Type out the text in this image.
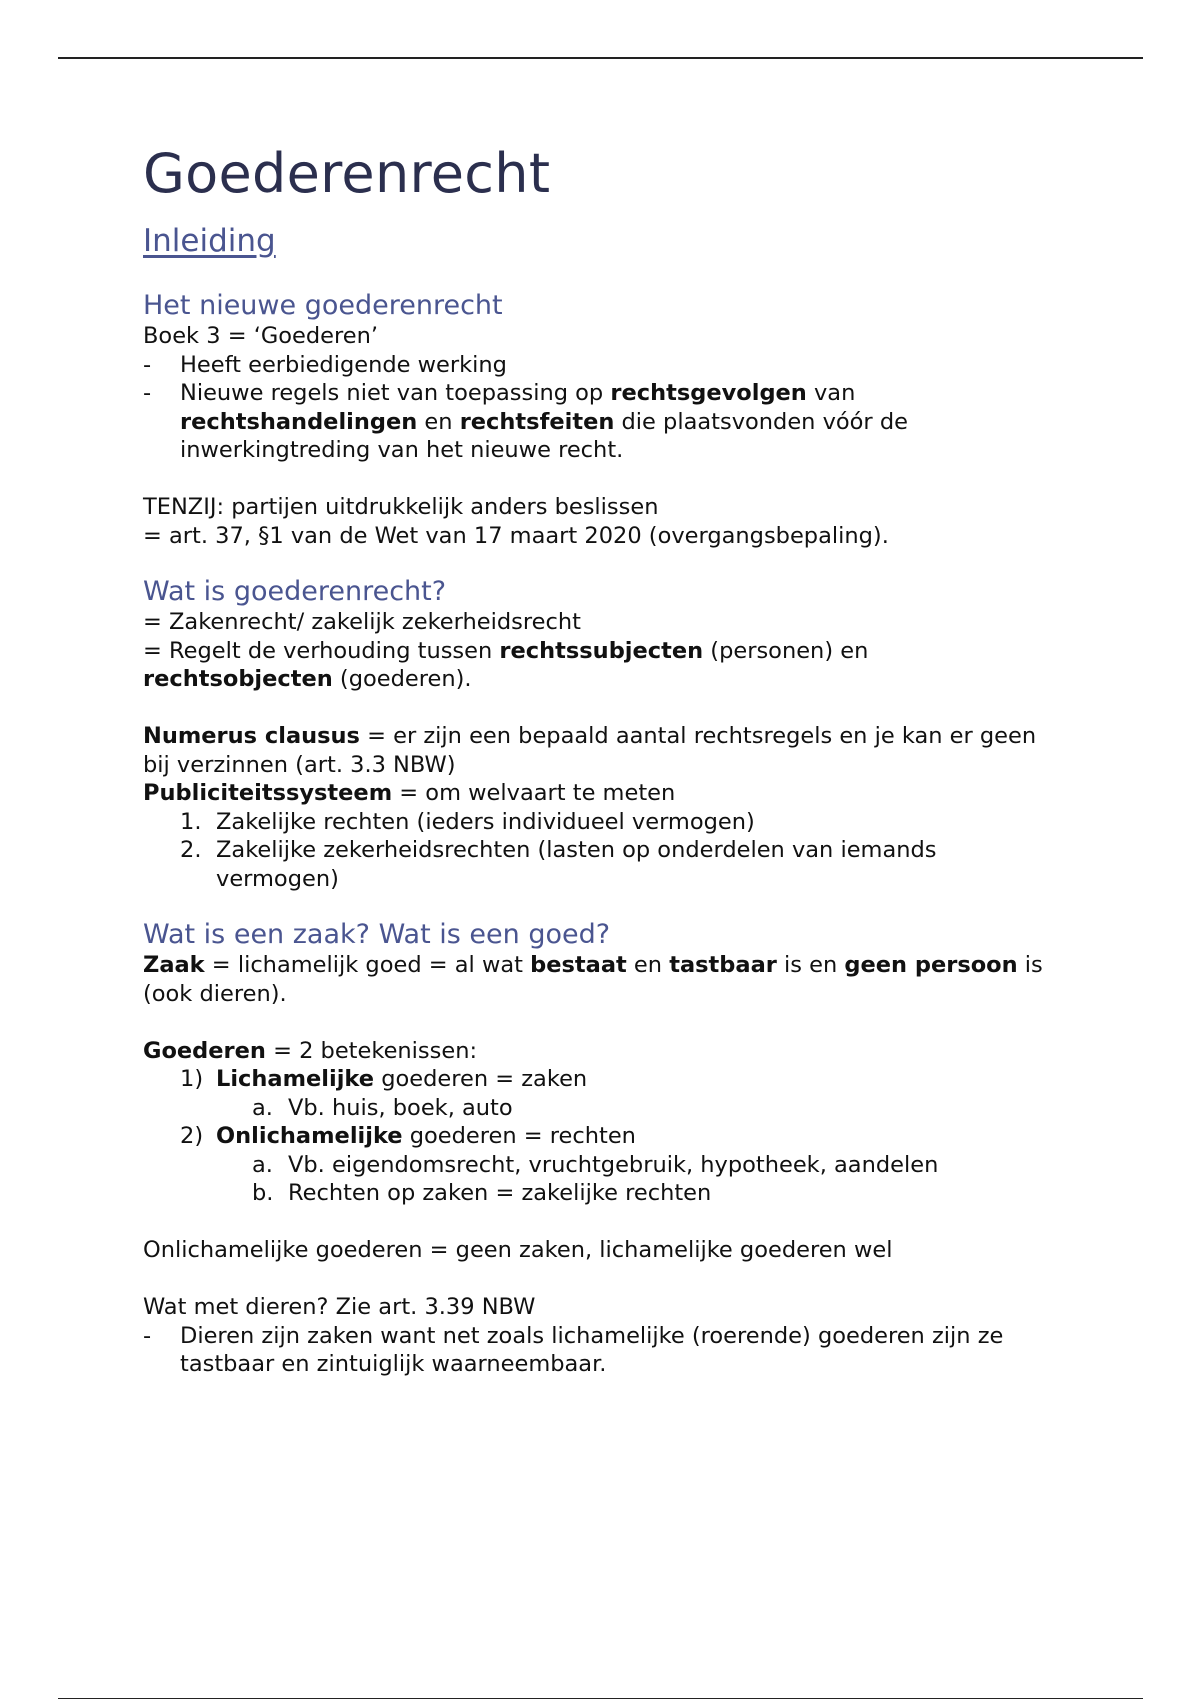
Goederenrecht
Inleiding
Het nieuwe goederenrecht

Boek 3 = ‘Goederen’

- Heeft eerbiedigende werking
- Nieuwe regels niet van toepassing op rechtsgevolgen van rechtshandelingen en rechtsfeiten die plaatsvonden vóór de inwerkingtreding van het nieuwe recht.

TENZIJ: partijen uitdrukkelijk anders beslissen

= art. 37, §1 van de Wet van 17 maart 2020 (overgangsbepaling).

Wat is goederenrecht?

= Zakenrecht/ zakelijk zekerheidsrecht

= Regelt de verhouding tussen rechtssubjecten (personen) en rechtsobjecten (goederen).

Numerus clausus = er zijn een bepaald aantal rechtsregels en je kan er geen bij verzinnen (art. 3.3 NBW)

Publiciteitssysteem = om welvaart te meten

1. Zakelijke rechten (ieders individueel vermogen)
2. Zakelijke zekerheidsrechten (lasten op onderdelen van iemands vermogen)
Wat is een zaak? Wat is een goed?

Zaak = lichamelijk goed = al wat bestaat en tastbaar is en geen persoon is (ook dieren).

Goederen = 2 betekenissen:

1) Lichamelijke goederen = zaken
a. Vb. huis, boek, auto
2) Onlichamelijke goederen = rechten
a. Vb. eigendomsrecht, vruchtgebruik, hypotheek, aandelen
b. Rechten op zaken = zakelijke rechten

Onlichamelijke goederen = geen zaken, lichamelijke goederen wel

Wat met dieren? Zie art. 3.39 NBW

- Dieren zijn zaken want net zoals lichamelijke (roerende) goederen zijn ze tastbaar en zintuiglijk waarneembaar.
